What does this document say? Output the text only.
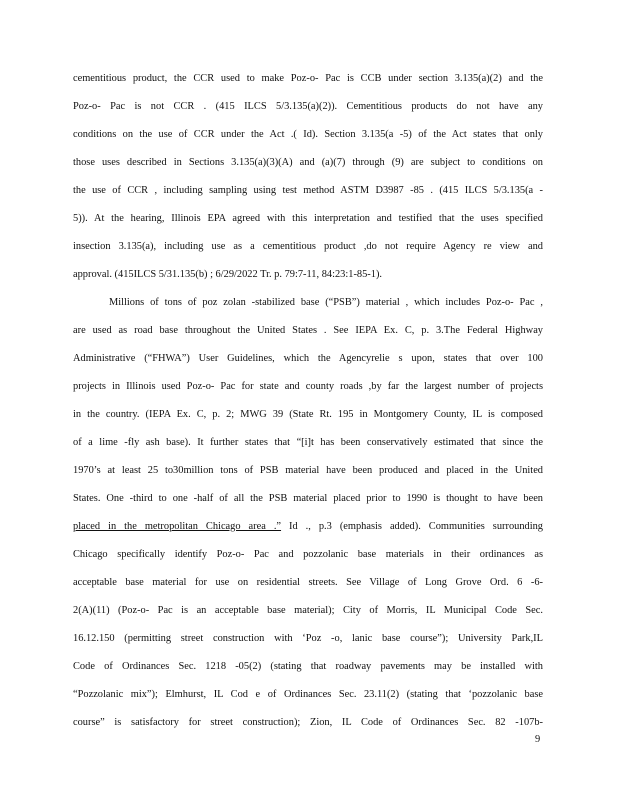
cementitious product, the CCR used to make Poz-o- Pac is CCB under section 3.135(a)(2) and the
Poz-o- Pac is not CCR . (415 ILCS 5/3.135(a)(2)). Cementitious products do not have any
conditions on the use of CCR under the Act .( Id). Section 3.135(a -5) of the Act states that only
those uses described in Sections 3.135(a)(3)(A) and (a)(7) through (9) are subject to conditions on
the use of CCR , including sampling using test method ASTM D3987 -85 . (415 ILCS 5/3.135(a -
5)). At the hearing, Illinois EPA agreed with this interpretation and testified that the uses specified
insection 3.135(a), including use as a cementitious product ,do not require Agency re view and
approval. (415ILCS 5/31.135(b) ; 6/29/2022 Tr. p. 79:7-11, 84:23:1-85-1).
Millions of tons of poz zolan -stabilized base (“PSB”) material , which includes Poz-o- Pac ,
are used as road base throughout the United States . See IEPA Ex. C, p. 3.The Federal Highway
Administrative (“FHWA”) User Guidelines, which the Agencyrelie s upon, states that over 100
projects in Illinois used Poz-o- Pac for state and county roads ,by far the largest number of projects
in the country. (IEPA Ex. C, p. 2; MWG 39 (State Rt. 195 in Montgomery County, IL is composed
of a lime -fly ash base). It further states that “[i]t has been conservatively estimated that since the
1970’s at least 25 to30million tons of PSB material have been produced and placed in the United
States. One -third to one -half of all the PSB material placed prior to 1990 is thought to have been
placed in the metropolitan Chicago area .” Id ., p.3 (emphasis added). Communities surrounding
Chicago specifically identify Poz-o- Pac and pozzolanic base materials in their ordinances as
acceptable base material for use on residential streets. See Village of Long Grove Ord. 6 -6-
2(A)(11) (Poz-o- Pac is an acceptable base material); City of Morris, IL Municipal Code Sec.
16.12.150 (permitting street construction with ‘Poz -o, lanic base course”); University Park,IL
Code of Ordinances Sec. 1218 -05(2) (stating that roadway pavements may be installed with
“Pozzolanic mix”); Elmhurst, IL Cod e of Ordinances Sec. 23.11(2) (stating that ‘pozzolanic base
course” is satisfactory for street construction); Zion, IL Code of Ordinances Sec. 82 -107b-
9
